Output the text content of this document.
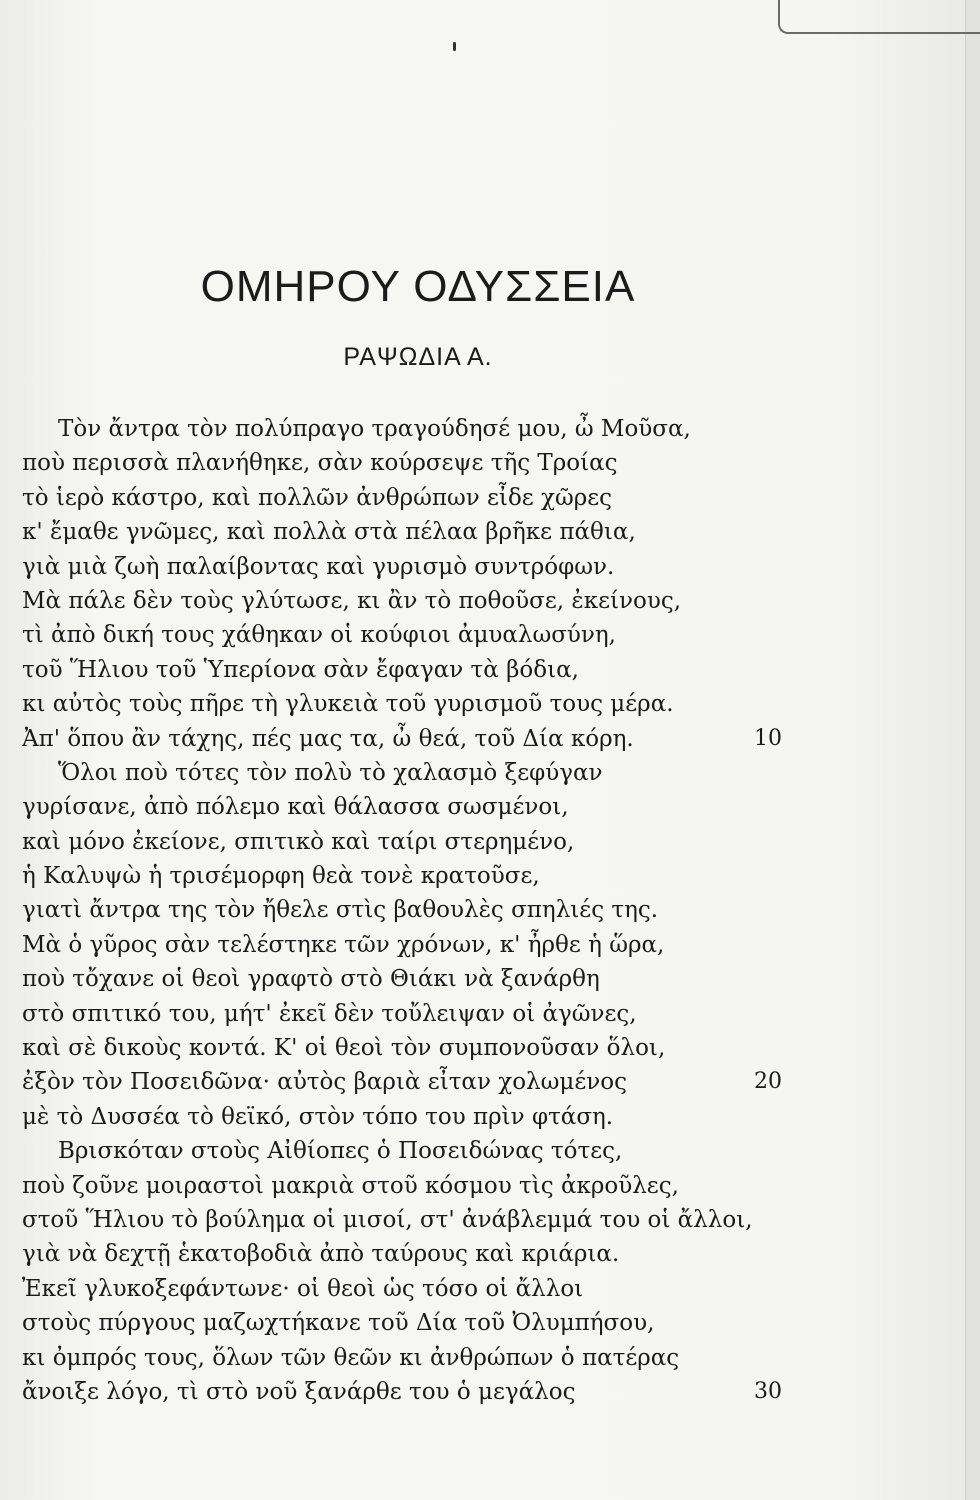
ΟΜΗΡΟΥ ΟΔΥΣΣΕΙΑ
ΡΑΨΩΔΙΑ Α.
Τὸν ἄντρα τὸν πολύπραγο τραγούδησέ μου, ὦ Μοῦσα,
ποὺ περισσὰ πλανήθηκε, σὰν κούρσεψε τῆς Τροίας
τὸ ἱερὸ κάστρο, καὶ πολλῶν ἀνθρώπων εἶδε χῶρες
κ' ἔμαθε γνῶμες, καὶ πολλὰ στὰ πέλαα βρῆκε πάθια,
γιὰ μιὰ ζωὴ παλαίβοντας καὶ γυρισμὸ συντρόφων.
Μὰ πάλε δὲν τοὺς γλύτωσε, κι ἂν τὸ ποθοῦσε, ἐκείνους,
τὶ ἀπὸ δική τους χάθηκαν οἱ κούφιοι ἀμυαλωσύνη,
τοῦ Ἥλιου τοῦ Ὑπερίονα σὰν ἔφαγαν τὰ βόδια,
κι αὐτὸς τοὺς πῆρε τὴ γλυκειὰ τοῦ γυρισμοῦ τους μέρα.
Ἀπ' ὅπου ἂν τάχης, πές μας τα, ὦ θεά, τοῦ Δία κόρη.	10
Ὅλοι ποὺ τότες τὸν πολὺ τὸ χαλασμὸ ξεφύγαν
γυρίσανε, ἀπὸ πόλεμο καὶ θάλασσα σωσμένοι,
καὶ μόνο ἐκείονε, σπιτικὸ καὶ ταίρι στερημένο,
ἡ Καλυψὼ ἡ τρισέμορφη θεὰ τονὲ κρατοῦσε,
γιατὶ ἄντρα της τὸν ἤθελε στὶς βαθουλὲς σπηλιές της.
Μὰ ὁ γῦρος σὰν τελέστηκε τῶν χρόνων, κ' ἦρθε ἡ ὥρα,
ποὺ τὄχανε οἱ θεοὶ γραφτὸ στὸ Θιάκι νὰ ξανάρθη
στὸ σπιτικό του, μήτ' ἐκεῖ δὲν τοὔλειψαν οἱ ἀγῶνες,
καὶ σὲ δικοὺς κοντά. Κ' οἱ θεοὶ τὸν συμπονοῦσαν ὅλοι,
ἐξὸν τὸν Ποσειδῶνα· αὐτὸς βαριὰ εἶταν χολωμένος	20
μὲ τὸ Δυσσέα τὸ θεϊκό, στὸν τόπο του πρὶν φτάση.
Βρισκόταν στοὺς Αἰθίοπες ὁ Ποσειδώνας τότες,
ποὺ ζοῦνε μοιραστοὶ μακριὰ στοῦ κόσμου τὶς ἀκροῦλες,
στοῦ Ἥλιου τὸ βούλημα οἱ μισοί, στ' ἀνάβλεμμά του οἱ ἄλλοι,
γιὰ νὰ δεχτῇ ἑκατοβοδιὰ ἀπὸ ταύρους καὶ κριάρια.
Ἐκεῖ γλυκοξεφάντωνε· οἱ θεοὶ ὡς τόσο οἱ ἄλλοι
στοὺς πύργους μαζωχτήκανε τοῦ Δία τοῦ Ὀλυμπήσου,
κι ὀμπρός τους, ὅλων τῶν θεῶν κι ἀνθρώπων ὁ πατέρας
ἄνοιξε λόγο, τὶ στὸ νοῦ ξανάρθε του ὁ μεγάλος	30
